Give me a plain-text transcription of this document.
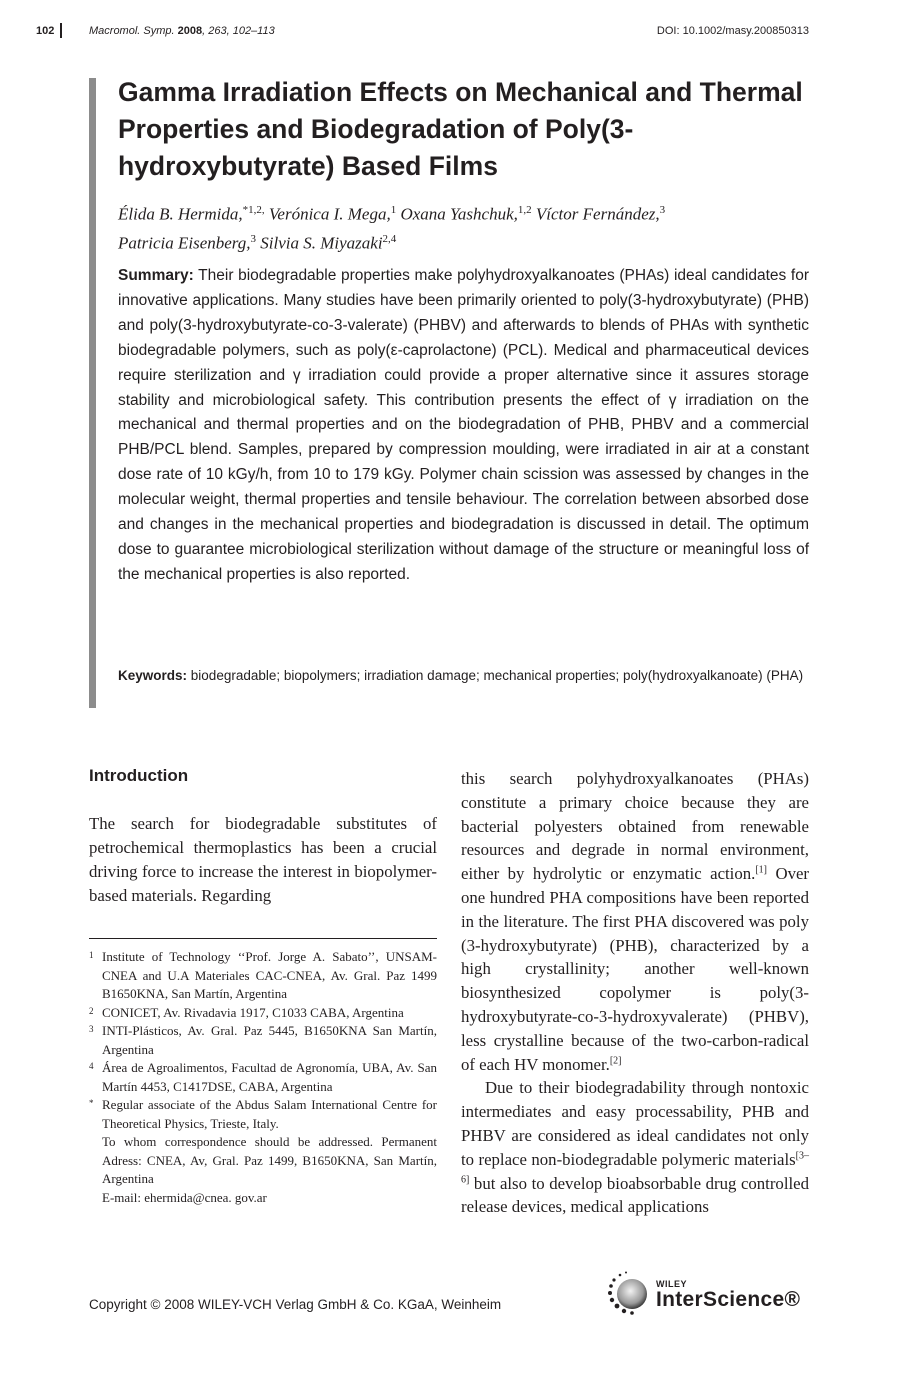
102	Macromol. Symp. 2008, 263, 102–113	DOI: 10.1002/masy.200850313
Gamma Irradiation Effects on Mechanical and Thermal Properties and Biodegradation of Poly(3-hydroxybutyrate) Based Films
Élida B. Hermida,$^{*1,2,}$ Verónica I. Mega,$^1$ Oxana Yashchuk,$^{1,2}$ Víctor Fernández,$^3$
Patricia Eisenberg,$^3$ Silvia S. Miyazaki$^{2,4}$
Summary: Their biodegradable properties make polyhydroxyalkanoates (PHAs) ideal candidates for innovative applications. Many studies have been primarily oriented to poly(3-hydroxybutyrate) (PHB) and poly(3-hydroxybutyrate-co-3-valerate) (PHBV) and afterwards to blends of PHAs with synthetic biodegradable polymers, such as poly(ε-caprolactone) (PCL). Medical and pharmaceutical devices require sterilization and γ irradiation could provide a proper alternative since it assures storage stability and microbiological safety. This contribution presents the effect of γ irradiation on the mechanical and thermal properties and on the biodegradation of PHB, PHBV and a commercial PHB/PCL blend. Samples, prepared by compression moulding, were irradiated in air at a constant dose rate of 10 kGy/h, from 10 to 179 kGy. Polymer chain scission was assessed by changes in the molecular weight, thermal properties and tensile behaviour. The correlation between absorbed dose and changes in the mechanical properties and biodegradation is discussed in detail. The optimum dose to guarantee microbiological sterilization without damage of the structure or meaningful loss of the mechanical properties is also reported.
Keywords: biodegradable; biopolymers; irradiation damage; mechanical properties; poly(hydroxyalkanoate) (PHA)
Introduction

The search for biodegradable substitutes of petrochemical thermoplastics has been a crucial driving force to increase the interest in biopolymer-based materials. Regarding

1 Institute of Technology ‘‘Prof. Jorge A. Sabato’’, UNSAM-CNEA and U.A Materiales CAC-CNEA, Av. Gral. Paz 1499 B1650KNA, San Martín, Argentina
2 CONICET, Av. Rivadavia 1917, C1033 CABA, Argentina
3 INTI-Plásticos, Av. Gral. Paz 5445, B1650KNA San Martín, Argentina
4 Área de Agroalimentos, Facultad de Agronomía, UBA, Av. San Martín 4453, C1417DSE, CABA, Argentina
* Regular associate of the Abdus Salam International Centre for Theoretical Physics, Trieste, Italy.
To whom correspondence should be addressed. Permanent Adress: CNEA, Av, Gral. Paz 1499, B1650KNA, San Martín, Argentina
E-mail: ehermida@cnea. gov.ar

this search polyhydroxyalkanoates (PHAs) constitute a primary choice because they are bacterial polyesters obtained from renewable resources and degrade in normal environment, either by hydrolytic or enzymatic action.[1] Over one hundred PHA compositions have been reported in the literature. The first PHA discovered was poly (3-hydroxybutyrate) (PHB), characterized by a high crystallinity; another well-known biosynthesized copolymer is poly(3-hydroxybutyrate-co-3-hydroxyvalerate) (PHBV), less crystalline because of the two-carbon-radical of each HV monomer.[2]

Due to their biodegradability through nontoxic intermediates and easy processability, PHB and PHBV are considered as ideal candidates not only to replace non-biodegradable polymeric materials[3–6] but also to develop bioabsorbable drug controlled release devices, medical applications

Copyright © 2008 WILEY-VCH Verlag GmbH & Co. KGaA, Weinheim
WILEY
InterScience®
